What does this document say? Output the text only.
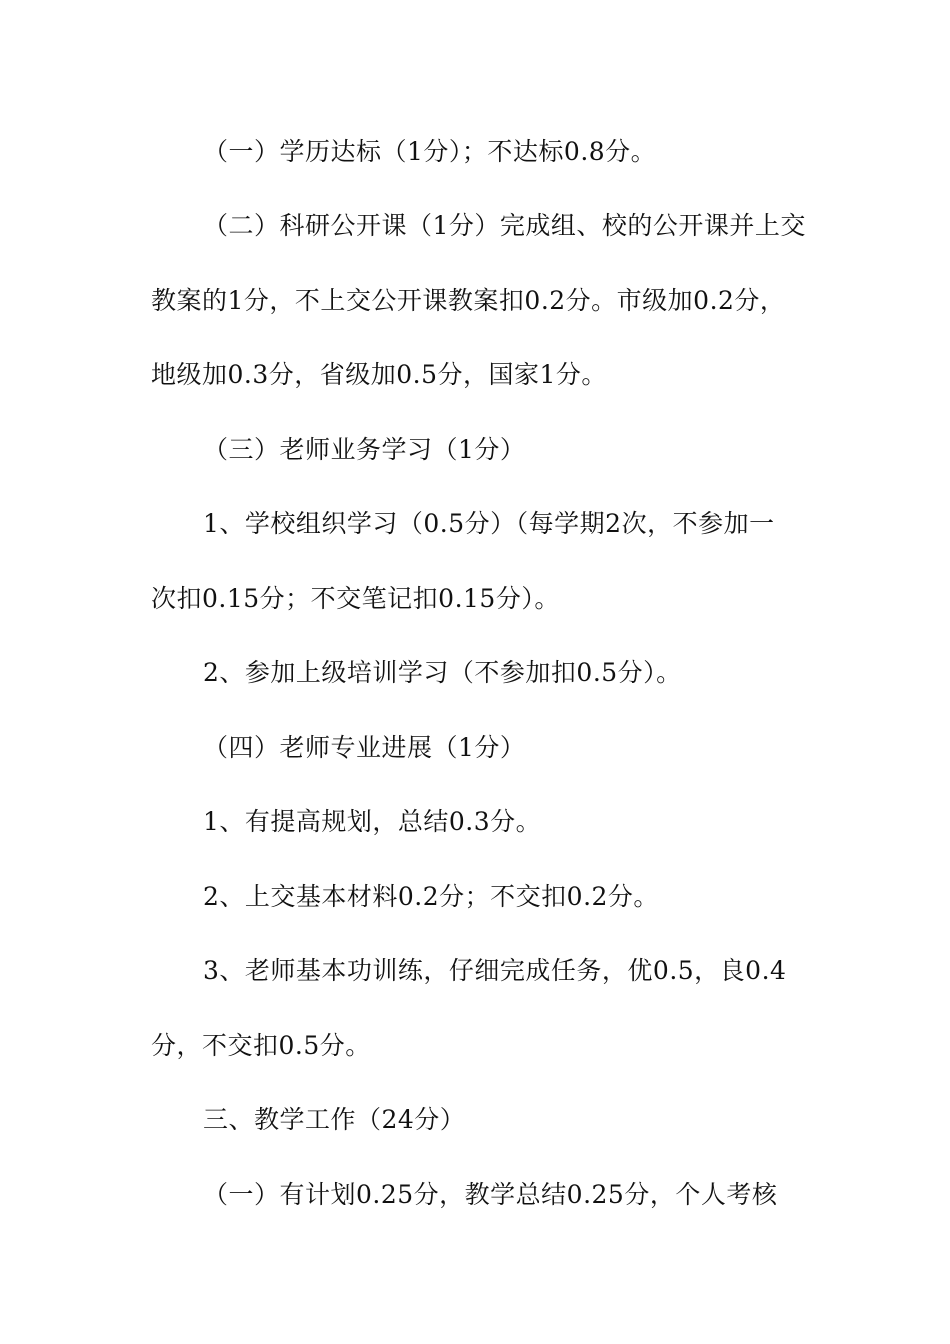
（一）学历达标（1分）；不达标0.8分。
（二）科研公开课（1分）完成组、校的公开课并上交
教案的1分，不上交公开课教案扣0.2分。市级加0.2分，
地级加0.3分，省级加0.5分，国家1分。
（三）老师业务学习（1分）
1、学校组织学习（0.5分）（每学期2次，不参加一
次扣0.15分；不交笔记扣0.15分）。
2、参加上级培训学习（不参加扣0.5分）。
（四）老师专业进展（1分）
1、有提高规划，总结0.3分。
2、上交基本材料0.2分；不交扣0.2分。
3、老师基本功训练，仔细完成任务，优0.5，良0.4
分，不交扣0.5分。
三、教学工作（24分）
（一）有计划0.25分，教学总结0.25分，个人考核
